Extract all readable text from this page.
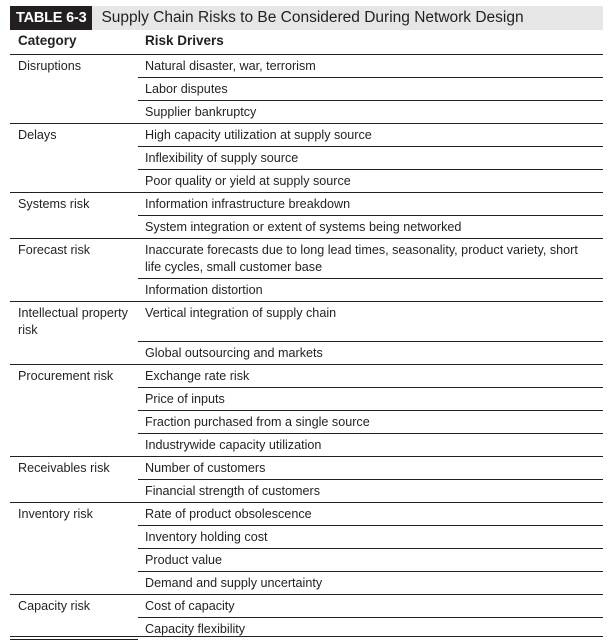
TABLE 6-3 Supply Chain Risks to Be Considered During Network Design
Category	Risk Drivers
Disruptions	Natural disaster, war, terrorism
	Labor disputes
	Supplier bankruptcy
Delays	High capacity utilization at supply source
	Inflexibility of supply source
	Poor quality or yield at supply source
Systems risk	Information infrastructure breakdown
	System integration or extent of systems being networked
Forecast risk	Inaccurate forecasts due to long lead times, seasonality, product variety, short life cycles, small customer base
	Information distortion
Intellectual property risk	Vertical integration of supply chain
	Global outsourcing and markets
Procurement risk	Exchange rate risk
	Price of inputs
	Fraction purchased from a single source
	Industrywide capacity utilization
Receivables risk	Number of customers
	Financial strength of customers
Inventory risk	Rate of product obsolescence
	Inventory holding cost
	Product value
	Demand and supply uncertainty
Capacity risk	Cost of capacity
	Capacity flexibility
